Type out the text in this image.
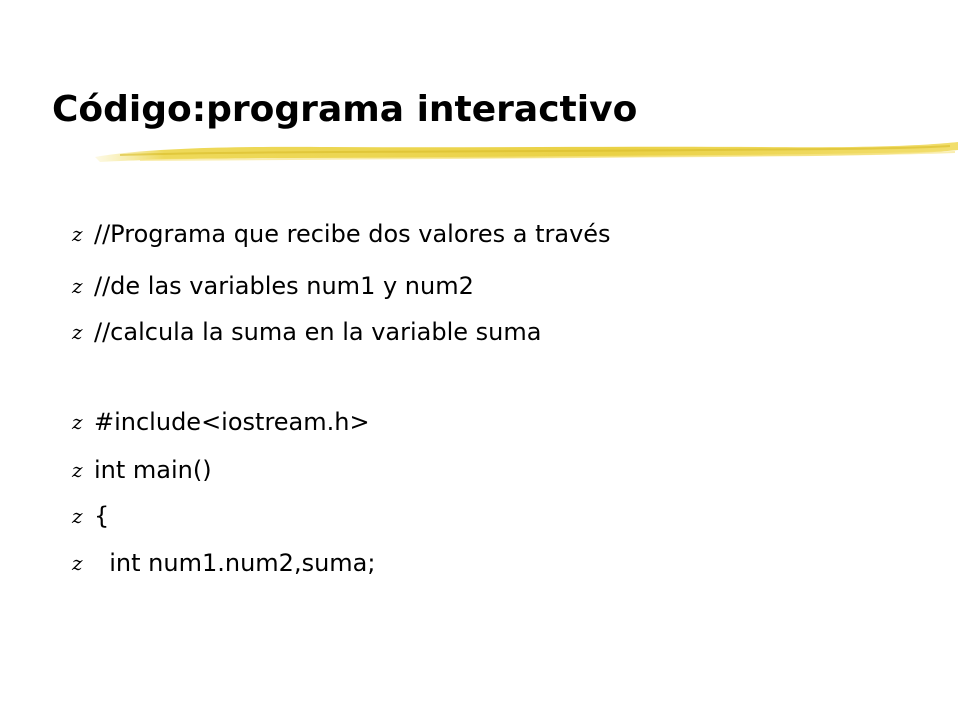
Código:programa interactivo
z //Programa que recibe dos valores a través
z //de las variables num1 y num2
z //calcula la suma en la variable suma
z #include<iostream.h>
z int main()
z {
z int num1.num2,suma;
